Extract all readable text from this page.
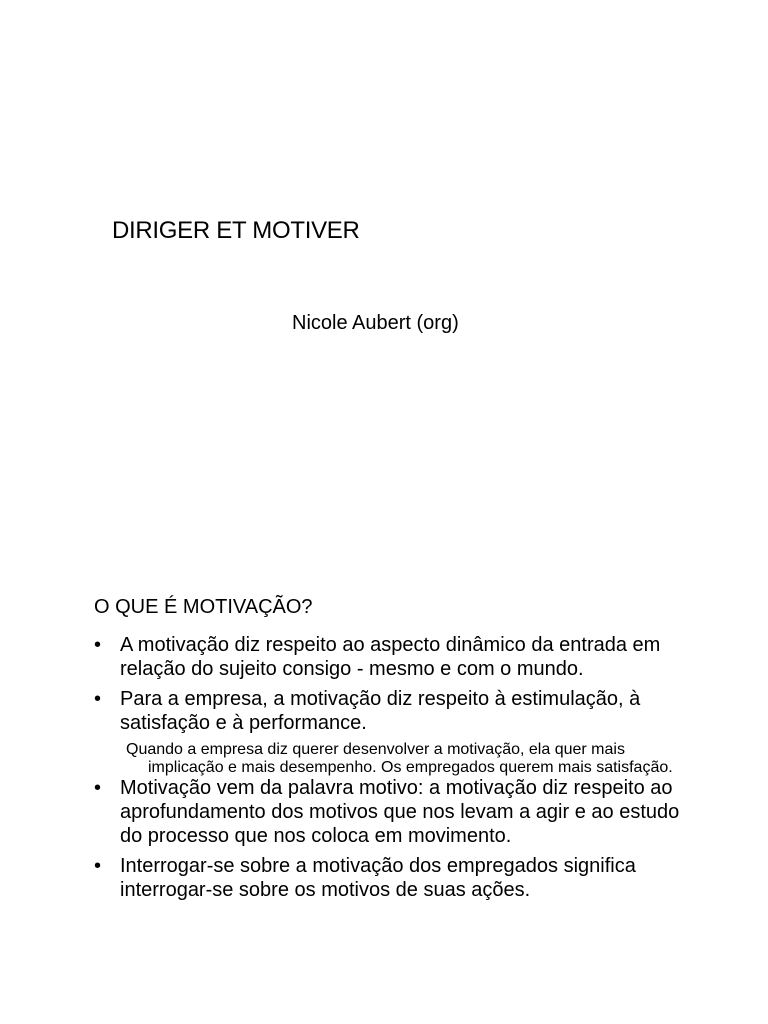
DIRIGER ET MOTIVER
Nicole Aubert (org)
O QUE É MOTIVAÇÃO?
• A motivação diz respeito ao aspecto dinâmico da entrada em relação do sujeito consigo - mesmo e com o mundo.
• Para a empresa, a motivação diz respeito à estimulação, à satisfação e à performance.
Quando a empresa diz querer desenvolver a motivação, ela quer mais implicação e mais desempenho. Os empregados querem mais satisfação.
• Motivação vem da palavra motivo: a motivação diz respeito ao aprofundamento dos motivos que nos levam a agir e ao estudo do processo que nos coloca em movimento.
• Interrogar-se sobre a motivação dos empregados significa interrogar-se sobre os motivos de suas ações.
